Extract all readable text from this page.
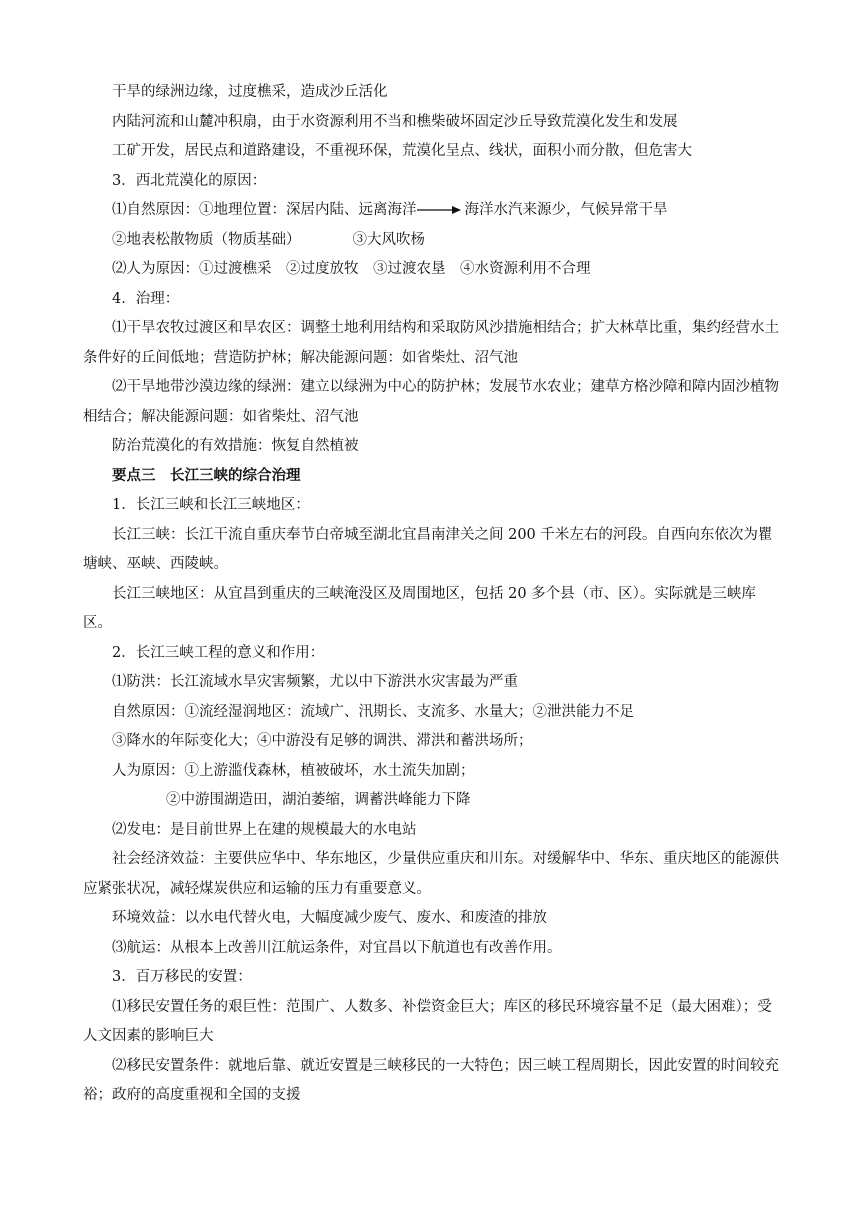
干旱的绿洲边缘，过度樵采，造成沙丘活化
内陆河流和山麓冲积扇，由于水资源利用不当和樵柴破坏固定沙丘导致荒漠化发生和发展
工矿开发，居民点和道路建设，不重视环保，荒漠化呈点、线状，面积小而分散，但危害大
3．西北荒漠化的原因：
⑴自然原因：①地理位置：深居内陆、远离海洋	海洋水汽来源少，气候异常干旱
②地表松散物质（物质基础）	③大风吹杨
⑵人为原因：①过渡樵采　②过度放牧　③过渡农垦　④水资源利用不合理
4．治理：
⑴干旱农牧过渡区和旱农区：调整土地利用结构和采取防风沙措施相结合；扩大林草比重，集约经营水土条件好的丘间低地；营造防护林；解决能源问题：如省柴灶、沼气池
⑵干旱地带沙漠边缘的绿洲：建立以绿洲为中心的防护林；发展节水农业；建草方格沙障和障内固沙植物相结合；解决能源问题：如省柴灶、沼气池
防治荒漠化的有效措施：恢复自然植被
要点三　长江三峡的综合治理
1．长江三峡和长江三峡地区：
长江三峡：长江干流自重庆奉节白帝城至湖北宜昌南津关之间 200 千米左右的河段。自西向东依次为瞿塘峡、巫峡、西陵峡。
长江三峡地区：从宜昌到重庆的三峡淹没区及周围地区，包括 20 多个县（市、区）。实际就是三峡库区。
2．长江三峡工程的意义和作用：
⑴防洪：长江流域水旱灾害频繁，尤以中下游洪水灾害最为严重
自然原因：①流经湿润地区：流域广、汛期长、支流多、水量大；②泄洪能力不足
③降水的年际变化大；④中游没有足够的调洪、滞洪和蓄洪场所；
人为原因：①上游滥伐森林，植被破坏，水土流失加剧；
②中游围湖造田，湖泊萎缩，调蓄洪峰能力下降
⑵发电：是目前世界上在建的规模最大的水电站
社会经济效益：主要供应华中、华东地区，少量供应重庆和川东。对缓解华中、华东、重庆地区的能源供应紧张状况，减轻煤炭供应和运输的压力有重要意义。
环境效益：以水电代替火电，大幅度减少废气、废水、和废渣的排放
⑶航运：从根本上改善川江航运条件，对宜昌以下航道也有改善作用。
3．百万移民的安置：
⑴移民安置任务的艰巨性：范围广、人数多、补偿资金巨大；库区的移民环境容量不足（最大困难）；受人文因素的影响巨大
⑵移民安置条件：就地后靠、就近安置是三峡移民的一大特色；因三峡工程周期长，因此安置的时间较充裕；政府的高度重视和全国的支援
